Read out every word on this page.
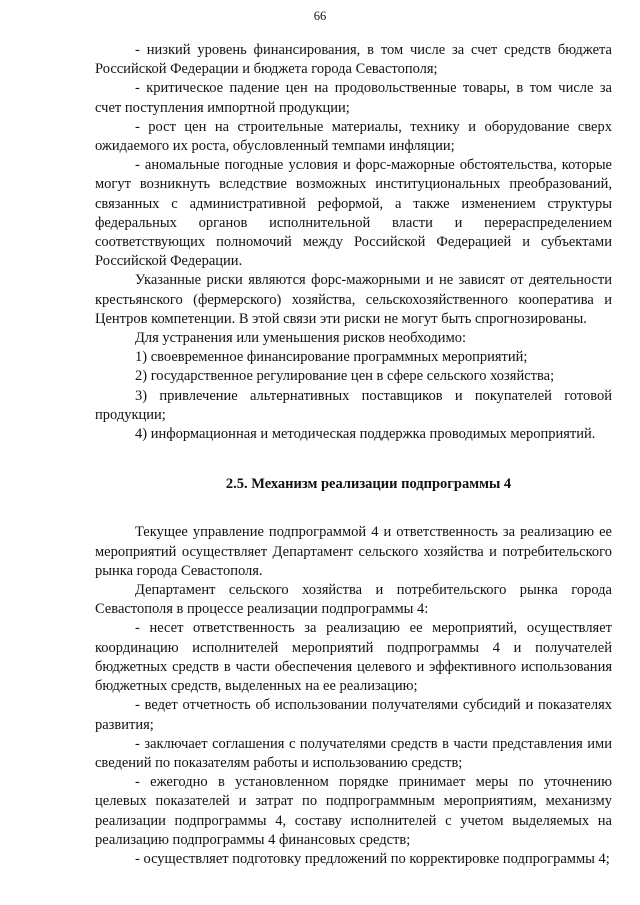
66

- низкий уровень финансирования, в том числе за счет средств бюджета Российской Федерации и бюджета города Севастополя;

- критическое падение цен на продовольственные товары, в том числе за счет поступления импортной продукции;

- рост цен на строительные материалы, технику и оборудование сверх ожидаемого их роста, обусловленный темпами инфляции;

- аномальные погодные условия и форс-мажорные обстоятельства, которые могут возникнуть вследствие возможных институциональных преобразований, связанных с административной реформой, а также изменением структуры федеральных органов исполнительной власти и перераспределением соответствующих полномочий между Российской Федерацией и субъектами Российской Федерации.

Указанные риски являются форс-мажорными и не зависят от деятельности крестьянского (фермерского) хозяйства, сельскохозяйственного кооператива и Центров компетенции. В этой связи эти риски не могут быть спрогнозированы.

Для устранения или уменьшения рисков необходимо:

1) своевременное финансирование программных мероприятий;

2) государственное регулирование цен в сфере сельского хозяйства;

3) привлечение альтернативных поставщиков и покупателей готовой продукции;

4) информационная и методическая поддержка проводимых мероприятий.

2.5. Механизм реализации подпрограммы 4

Текущее управление подпрограммой 4 и ответственность за реализацию ее мероприятий осуществляет Департамент сельского хозяйства и потребительского рынка города Севастополя.

Департамент сельского хозяйства и потребительского рынка города Севастополя в процессе реализации подпрограммы 4:

- несет ответственность за реализацию ее мероприятий, осуществляет координацию исполнителей мероприятий подпрограммы 4 и получателей бюджетных средств в части обеспечения целевого и эффективного использования бюджетных средств, выделенных на ее реализацию;

- ведет отчетность об использовании получателями субсидий и показателях развития;

- заключает соглашения с получателями средств в части представления ими сведений по показателям работы и использованию средств;

- ежегодно в установленном порядке принимает меры по уточнению целевых показателей и затрат по подпрограммным мероприятиям, механизму реализации подпрограммы 4, составу исполнителей с учетом выделяемых на реализацию подпрограммы 4 финансовых средств;

- осуществляет подготовку предложений по корректировке подпрограммы 4;
